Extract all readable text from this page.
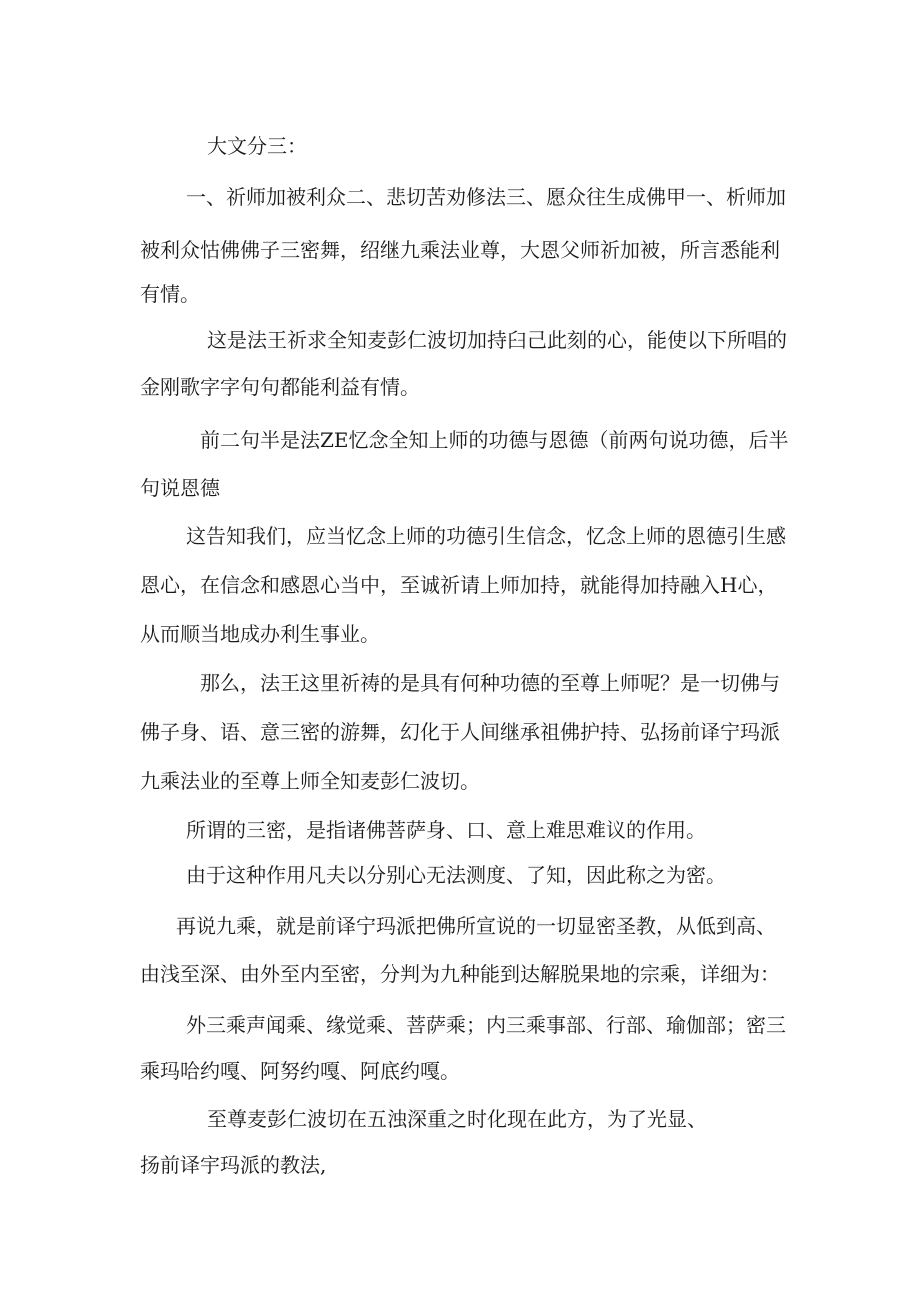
大文分三：
一、祈师加被利众二、悲切苦劝修法三、愿众往生成佛甲一、析师加
被利众怙佛佛子三密舞，绍继九乘法业尊，大恩父师祈加被，所言悉能利
有情。
这是法王祈求全知麦彭仁波切加持臼己此刻的心，能使以下所唱的
金刚歌字字句句都能利益有情。
前二句半是法ZE忆念全知上师的功德与恩德（前两句说功德，后半
句说恩德
这告知我们，应当忆念上师的功德引生信念，忆念上师的恩德引生感
恩心，在信念和感恩心当中，至诚祈请上师加持，就能得加持融入H心，
从而顺当地成办利生事业。
那么，法王这里祈祷的是具有何种功德的至尊上师呢？是一切佛与
佛子身、语、意三密的游舞，幻化于人间继承祖佛护持、弘扬前译宁玛派
九乘法业的至尊上师全知麦彭仁波切。
所谓的三密，是指诸佛菩萨身、口、意上难思难议的作用。
由于这种作用凡夫以分别心无法测度、了知，因此称之为密。
再说九乘，就是前译宁玛派把佛所宣说的一切显密圣教，从低到高、
由浅至深、由外至内至密，分判为九种能到达解脱果地的宗乘，详细为：
外三乘声闻乘、缘觉乘、菩萨乘；内三乘事部、行部、瑜伽部；密三
乘玛哈约嘎、阿努约嘎、阿底约嘎。
至尊麦彭仁波切在五浊深重之时化现在此方，为了光显、
扬前译宇玛派的教法,
